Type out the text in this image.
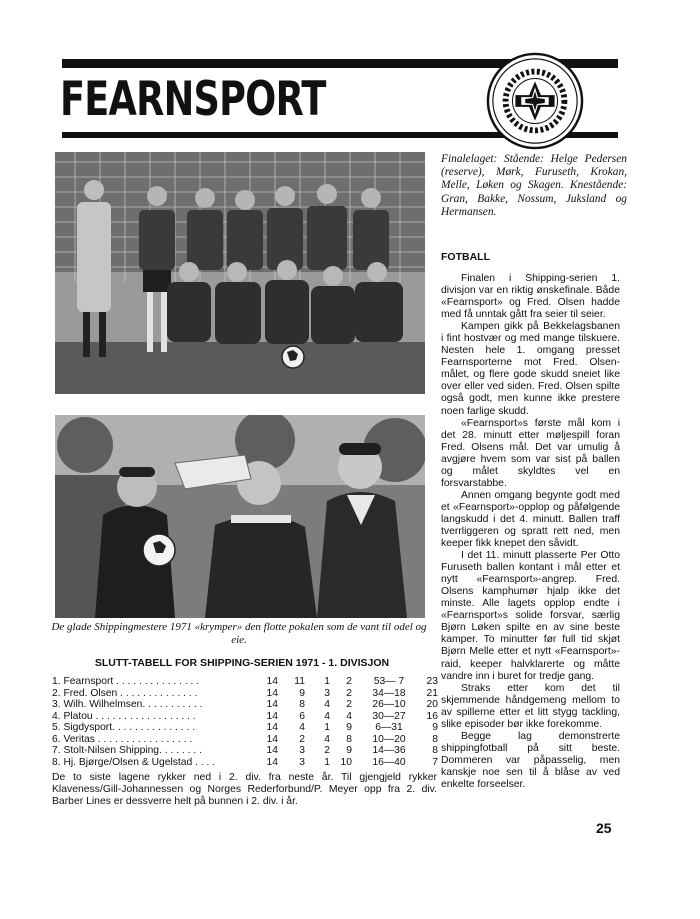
FEARNSPORT
Finalelaget: Stående: Helge Pedersen (reserve), Mørk, Furuseth, Krokan, Melle, Løken og Skagen. Knestående: Gran, Bakke, Nossum, Juksland og Hermansen.
De glade Shippingmestere 1971 «krymper» den flotte pokalen som de vant til odel og eie.
FOTBALL

Finalen i Shipping-serien 1. divisjon var en riktig ønskefinale. Både «Fearnsport» og Fred. Olsen hadde med få unntak gått fra seier til seier.

Kampen gikk på Bekkelagsbanen i fint hostvær og med mange tilskuere. Nesten hele 1. omgang presset Fearnsporterne mot Fred. Olsen-målet, og flere gode skudd sneiet like over eller ved siden. Fred. Olsen spilte også godt, men kunne ikke prestere noen farlige skudd.

«Fearnsport»s første mål kom i det 28. minutt etter møljespill foran Fred. Olsens mål. Det var umulig å avgjøre hvem som var sist på ballen og målet skyldtes vel en forsvarstabbe.

Annen omgang begynte godt med et «Fearnsport»-opplop og påfølgende langskudd i det 4. minutt. Ballen traff tverrliggeren og spratt rett ned, men keeper fikk knepet den såvidt.

I det 11. minutt plasserte Per Otto Furuseth ballen kontant i mål etter et nytt «Fearnsport»-angrep. Fred. Olsens kamphumør hjalp ikke det minste. Alle lagets opplop endte i «Fearnsport»s solide forsvar, særlig Bjørn Løken spilte en av sine beste kamper. To minutter før full tid skjøt Bjørn Melle etter et nytt «Fearnsport»-raid, keeper halvklarerte og måtte vandre inn i buret for tredje gang.

Straks etter kom det til skjemmende håndgemeng mellom to av spillerne etter et litt stygg tackling, slike episoder bør ikke forekomme.

Begge lag demonstrerte shippingfotball på sitt beste. Dommeren var påpasselig, men kanskje noe sen til å blåse av ved enkelte forseelser.

SLUTT-TABELL FOR SHIPPING-SERIEN 1971 - 1. DIVISJON
1. Fearnsport . . . . . . . . . . . . . . .	14	11	1	2	53— 7	23
2. Fred. Olsen . . . . . . . . . . . . . .	14	9	3	2	34—18	21
3. Wilh. Wilhelmsen. . . . . . . . . . .	14	8	4	2	26—10	20
4. Platou . . . . . . . . . . . . . . . . . .	14	6	4	4	30—27	16
5. Sigdysport. . . . . . . . . . . . . . .	14	4	1	9	6—31	9
6. Veritas . . . . . . . . . . . . . . . . .	14	2	4	8	10—20	8
7. Stolt-Nilsen Shipping. . . . . . . .	14	3	2	9	14—36	8
8. Hj. Bjørge/Olsen & Ugelstad . . . .	14	3	1	10	16—40	7
De to siste lagene rykker ned i 2. div. fra neste år. Til gjengjeld rykker Klaveness/Gill-Johannessen og Norges Rederforbund/P. Meyer opp fra 2. div. Barber Lines er dessverre helt på bunnen i 2. div. i år.
25
